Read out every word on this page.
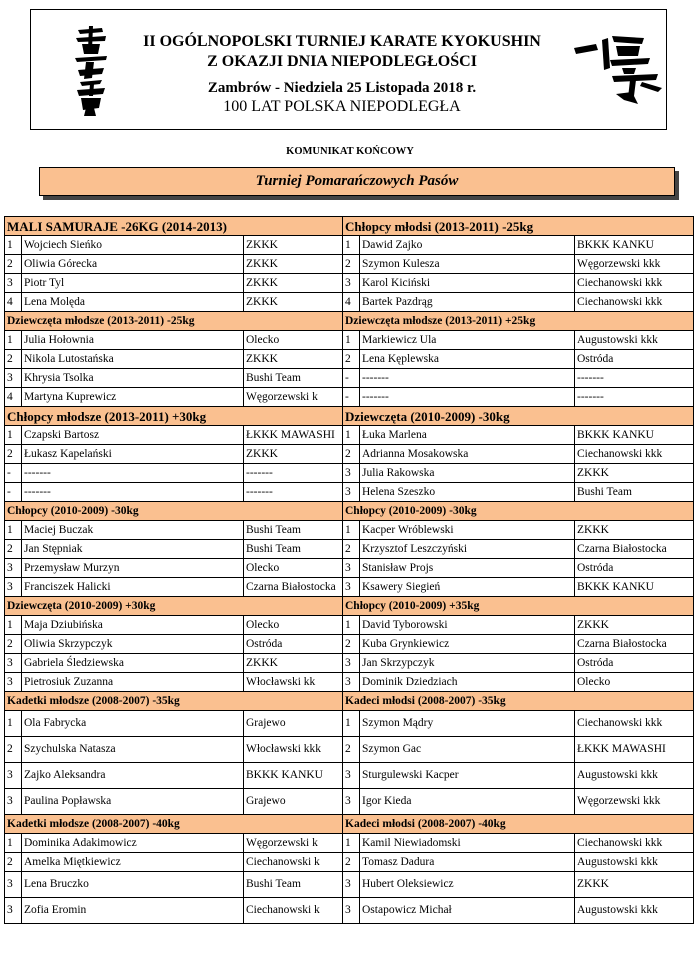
II OGÓLNOPOLSKI TURNIEJ KARATE KYOKUSHIN
Z OKAZJI DNIA NIEPODLEGŁOŚCI
Zambrów - Niedziela 25 Listopada 2018 r.
100 LAT POLSKA NIEPODLEGŁA
KOMUNIKAT KOŃCOWY
Turniej Pomarańczowych Pasów
MALI SAMURAJE -26KG (2014-2013)			Chłopcy młodsi (2013-2011) -25kg		
1	Wojciech Sieńko	ZKKK	1	Dawid Zajko	BKKK KANKU
2	Oliwia Górecka	ZKKK	2	Szymon Kulesza	Węgorzewski kkk
3	Piotr Tyl	ZKKK	3	Karol Kiciński	Ciechanowski kkk
4	Lena Molęda	ZKKK	4	Bartek Pazdrąg	Ciechanowski kkk
Dziewczęta młodsze (2013-2011) -25kg			Dziewczęta młodsze (2013-2011) +25kg		
1	Julia Hołownia	Olecko	1	Markiewicz Ula	Augustowski kkk
2	Nikola Lutostańska	ZKKK	2	Lena Kęplewska	Ostróda
3	Khrysia Tsolka	Bushi Team	-	-------	-------
4	Martyna Kuprewicz	Węgorzewski k	-	-------	-------
Chłopcy młodsze (2013-2011) +30kg			Dziewczęta (2010-2009) -30kg		
1	Czapski Bartosz	ŁKKK MAWASHI	1	Łuka Marlena	BKKK KANKU
2	Łukasz Kapelański	ZKKK	2	Adrianna Mosakowska	Ciechanowski kkk
-	-------	-------	3	Julia Rakowska	ZKKK
-	-------	-------	3	Helena Szeszko	Bushi Team
Chłopcy (2010-2009) -30kg			Chłopcy (2010-2009) -30kg		
1	Maciej Buczak	Bushi Team	1	Kacper Wróblewski	ZKKK
2	Jan Stępniak	Bushi Team	2	Krzysztof Leszczyński	Czarna Białostocka
3	Przemysław Murzyn	Olecko	3	Stanisław Projs	Ostróda
3	Franciszek Halicki	Czarna Białostocka	3	Ksawery Siegień	BKKK KANKU
Dziewczęta (2010-2009) +30kg			Chłopcy (2010-2009) +35kg		
1	Maja Dziubińska	Olecko	1	David Tyborowski	ZKKK
2	Oliwia Skrzypczyk	Ostróda	2	Kuba Grynkiewicz	Czarna Białostocka
3	Gabriela Śledziewska	ZKKK	3	Jan Skrzypczyk	Ostróda
3	Pietrosiuk Zuzanna	Włocławski kk	3	Dominik Dziedziach	Olecko
Kadetki młodsze (2008-2007) -35kg			Kadeci młodsi (2008-2007) -35kg		
1	Ola Fabrycka	Grajewo	1	Szymon Mądry	Ciechanowski kkk
2	Szychulska Natasza	Włocławski kkk	2	Szymon Gac	ŁKKK MAWASHI
3	Zajko Aleksandra	BKKK KANKU	3	Sturgulewski Kacper	Augustowski kkk
3	Paulina Popławska	Grajewo	3	Igor Kieda	Węgorzewski kkk
Kadetki młodsze (2008-2007) -40kg			Kadeci młodsi (2008-2007) -40kg		
1	Dominika Adakimowicz	Węgorzewski k	1	Kamil Niewiadomski	Ciechanowski kkk
2	Amelka Miętkiewicz	Ciechanowski k	2	Tomasz Dadura	Augustowski kkk
3	Lena Bruczko	Bushi Team	3	Hubert Oleksiewicz	ZKKK
3	Zofia Eromin	Ciechanowski k	3	Ostapowicz Michał	Augustowski kkk
